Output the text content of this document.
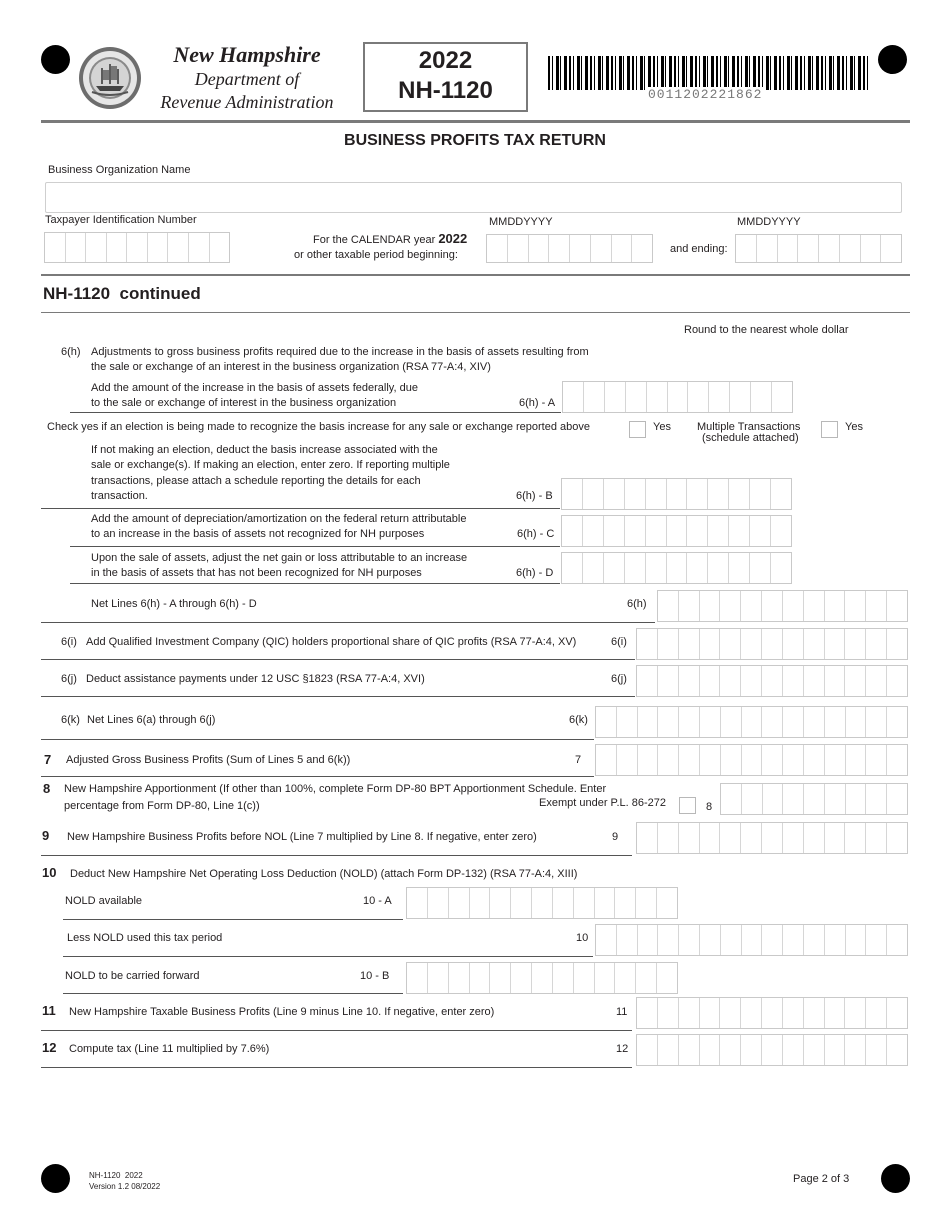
New Hampshire
Department of
Revenue Administration
2022
NH-1120	0011202221862
BUSINESS PROFITS TAX RETURN
Business Organization Name
Taxpayer Identification Number
For the CALENDAR year 2022
or other taxable period beginning:
MMDDYYYY
and ending:
MMDDYYYY
NH-1120  continued
Round to the nearest whole dollar
6(h) Adjustments to gross business profits required due to the increase in the basis of assets resulting from
the sale or exchange of an interest in the business organization (RSA 77-A:4, XIV)
Add the amount of the increase in the basis of assets federally, due
to the sale or exchange of interest in the business organization	6(h) - A
Check yes if an election is being made to recognize the basis increase for any sale or exchange reported above	Yes Multiple Transactions
(schedule attached)
Yes
If not making an election, deduct the basis increase associated with the
sale or exchange(s). If making an election, enter zero. If reporting multiple
transactions, please attach a schedule reporting the details for each
transaction.	6(h) - B
Add the amount of depreciation/amortization on the federal return attributable
to an increase in the basis of assets not recognized for NH purposes	6(h) - C
Upon the sale of assets, adjust the net gain or loss attributable to an increase
in the basis of assets that has not been recognized for NH purposes	6(h) - D
Net Lines 6(h) - A through 6(h) - D	6(h)
6(i) Add Qualified Investment Company (QIC) holders proportional share of QIC profits (RSA 77-A:4, XV)	6(i)
6(j) Deduct assistance payments under 12 USC §1823 (RSA 77-A:4, XVI)	6(j)
6(k) Net Lines 6(a) through 6(j)	6(k)
7 Adjusted Gross Business Profits (Sum of Lines 5 and 6(k))	7
8 New Hampshire Apportionment (If other than 100%, complete Form DP-80 BPT Apportionment Schedule. Enter
percentage from Form DP-80, Line 1(c))	Exempt under P.L. 86-272	8
9 New Hampshire Business Profits before NOL (Line 7 multiplied by Line 8. If negative, enter zero)	9
10 Deduct New Hampshire Net Operating Loss Deduction (NOLD) (attach Form DP-132) (RSA 77-A:4, XIII)
NOLD available	10 - A
Less NOLD used this tax period	10
NOLD to be carried forward	10 - B
11 New Hampshire Taxable Business Profits (Line 9 minus Line 10. If negative, enter zero)	11
12 Compute tax (Line 11 multiplied by 7.6%)	12
NH-1120  2022
Version 1.2 08/2022
Page 2 of 3
